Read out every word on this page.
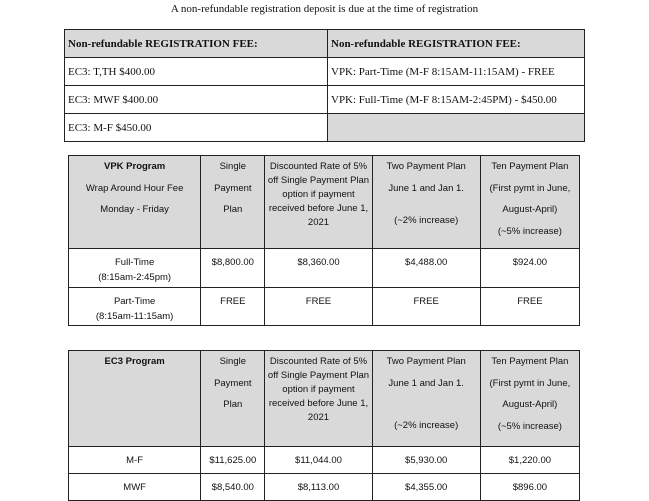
A non-refundable registration deposit is due at the time of registration
Non-refundable REGISTRATION FEE:	Non-refundable REGISTRATION FEE:
EC3: T,TH $400.00	VPK: Part-Time (M-F 8:15AM-11:15AM) - FREE
EC3: MWF $400.00	VPK: Full-Time (M-F 8:15AM-2:45PM) - $450.00
EC3: M-F $450.00	
VPK Program
Wrap Around Hour Fee
Monday - Friday	Single
Payment
Plan	Discounted Rate of 5%
off Single Payment Plan
option if payment
received before June 1,
2021	Two Payment Plan
June 1 and Jan 1.
(~2% increase)	Ten Payment Plan
(First pymt in June,
August-April)
(~5% increase)

Full-Time
(8:15am-2:45pm)	$8,800.00	$8,360.00	$4,488.00	$924.00
Part-Time
(8:15am-11:15am)	FREE	FREE	FREE	FREE
EC3 Program	Single
Payment
Plan	Discounted Rate of 5%
off Single Payment Plan
option if payment
received before June 1,
2021	Two Payment Plan
June 1 and Jan 1.
(~2% increase)	Ten Payment Plan
(First pymt in June,
August-April)
(~5% increase)

M-F	$11,625.00	$11,044.00	$5,930.00	$1,220.00
MWF	$8,540.00	$8,113.00	$4,355.00	$896.00
